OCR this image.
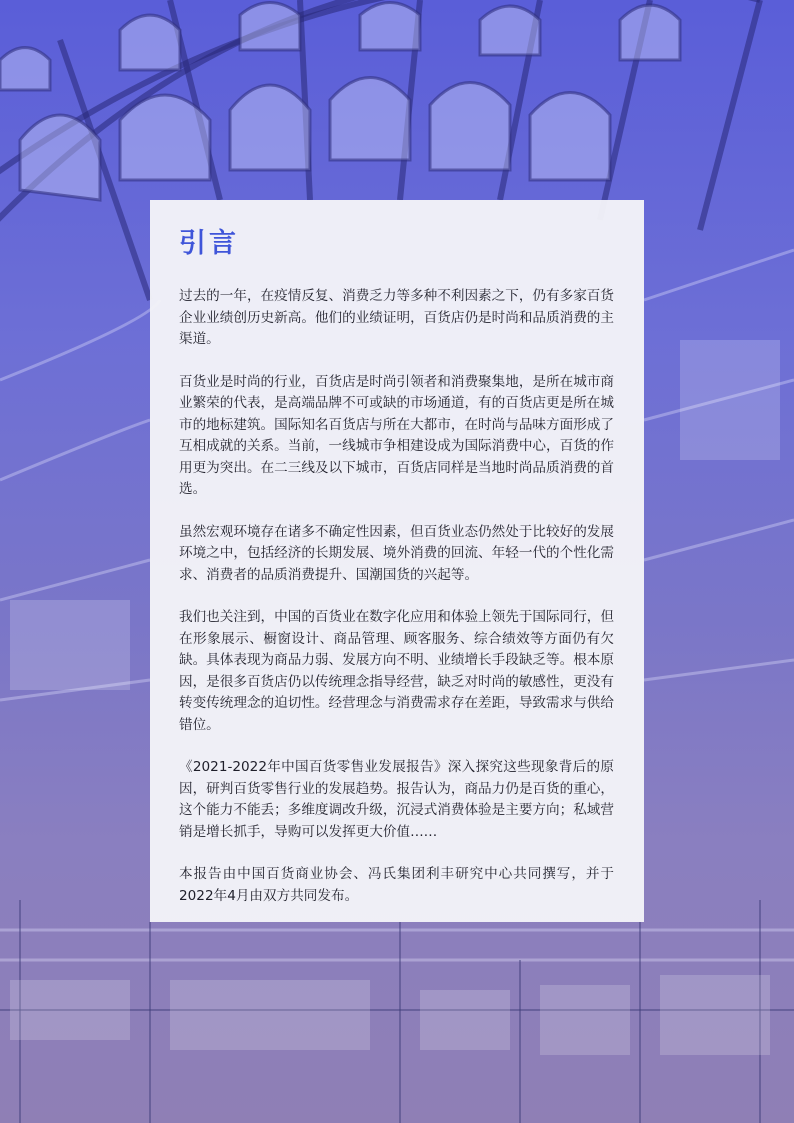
引言

过去的一年，在疫情反复、消费乏力等多种不利因素之下，仍有多家百货企业业绩创历史新高。他们的业绩证明，百货店仍是时尚和品质消费的主渠道。

百货业是时尚的行业，百货店是时尚引领者和消费聚集地，是所在城市商业繁荣的代表，是高端品牌不可或缺的市场通道，有的百货店更是所在城市的地标建筑。国际知名百货店与所在大都市，在时尚与品味方面形成了互相成就的关系。当前，一线城市争相建设成为国际消费中心，百货的作用更为突出。在二三线及以下城市，百货店同样是当地时尚品质消费的首选。

虽然宏观环境存在诸多不确定性因素，但百货业态仍然处于比较好的发展环境之中，包括经济的长期发展、境外消费的回流、年轻一代的个性化需求、消费者的品质消费提升、国潮国货的兴起等。

我们也关注到，中国的百货业在数字化应用和体验上领先于国际同行，但在形象展示、橱窗设计、商品管理、顾客服务、综合绩效等方面仍有欠缺。具体表现为商品力弱、发展方向不明、业绩增长手段缺乏等。根本原因，是很多百货店仍以传统理念指导经营，缺乏对时尚的敏感性，更没有转变传统理念的迫切性。经营理念与消费需求存在差距，导致需求与供给错位。

《2021-2022年中国百货零售业发展报告》深入探究这些现象背后的原因，研判百货零售行业的发展趋势。报告认为，商品力仍是百货的重心，这个能力不能丢；多维度调改升级，沉浸式消费体验是主要方向；私域营销是增长抓手，导购可以发挥更大价值……

本报告由中国百货商业协会、冯氏集团利丰研究中心共同撰写，并于2022年4月由双方共同发布。
